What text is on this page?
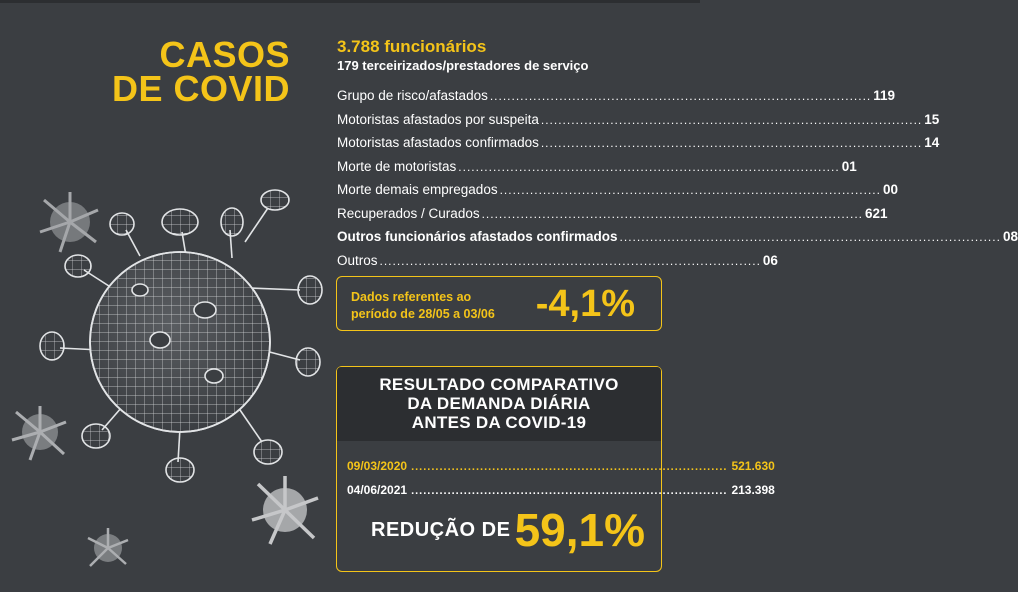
CASOS
DE COVID
3.788 funcionários
179 terceirizados/prestadores de serviço
Grupo de risco/afastados ........................................................................................ 119
Motoristas afastados por suspeita ........................................................................................ 15
Motoristas afastados confirmados ........................................................................................ 14
Morte de motoristas ........................................................................................ 01
Morte demais empregados ........................................................................................ 00
Recuperados / Curados ........................................................................................ 621
Outros funcionários afastados confirmados ........................................................................................ 08
Outros ........................................................................................ 06
Dados referentes ao
período de 28/05 a 03/06	-4,1%
RESULTADO COMPARATIVO
DA DEMANDA DIÁRIA
ANTES DA COVID-19
09/03/2020 .............................................................................. 521.630
04/06/2021 .............................................................................. 213.398
REDUÇÃO DE 59,1%
